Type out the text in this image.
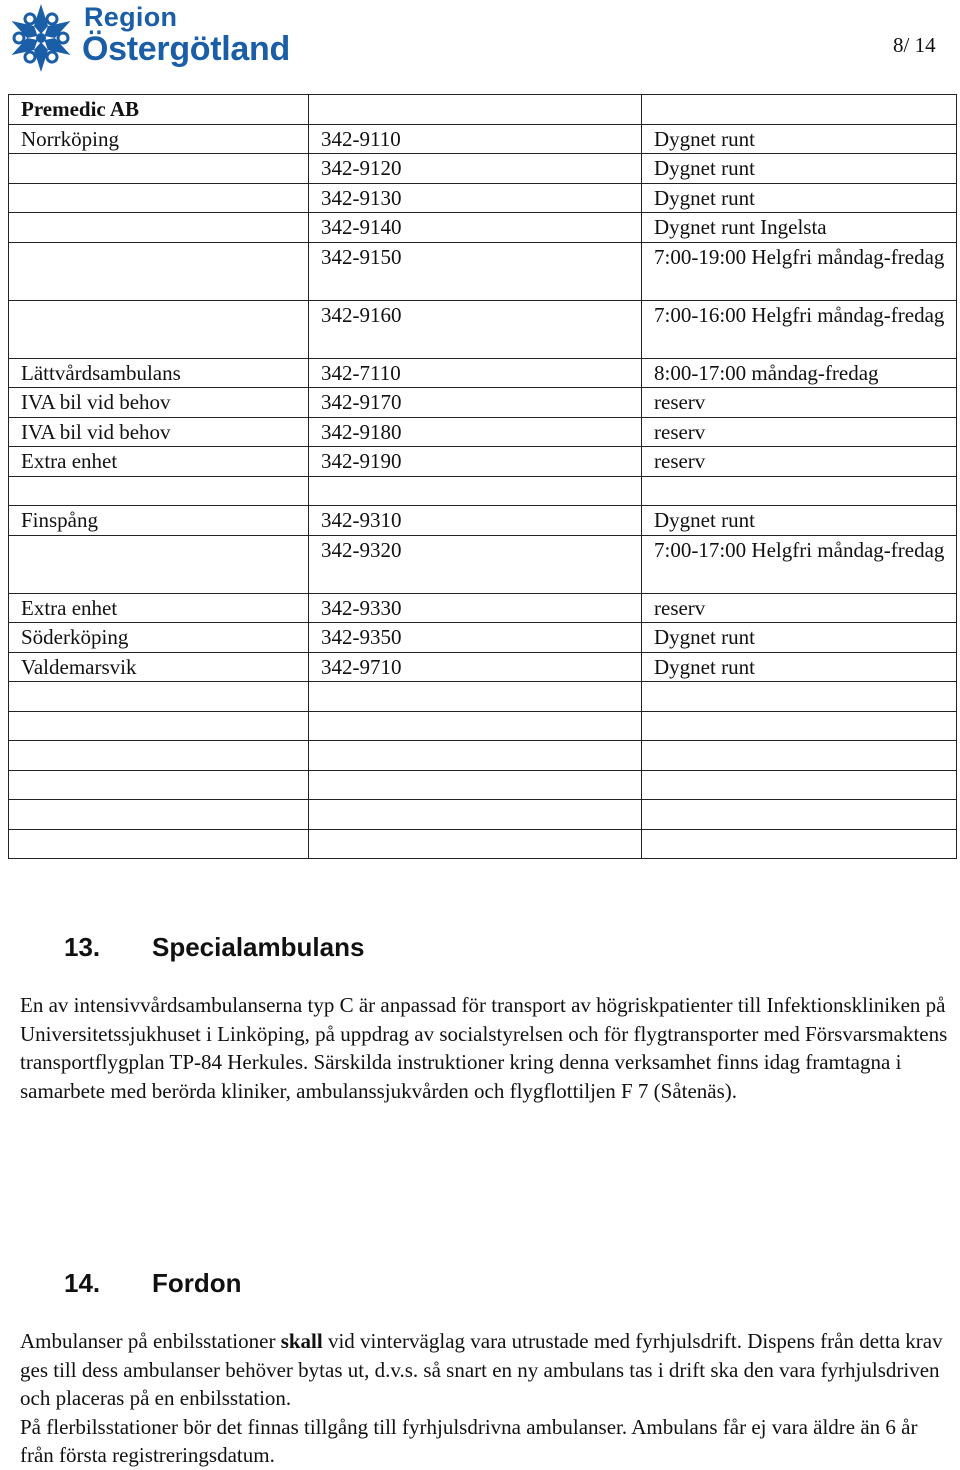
Region
Östergötland	8/ 14
Premedic AB		
Norrköping	342-9110	Dygnet runt
	342-9120	Dygnet runt
	342-9130	Dygnet runt
	342-9140	Dygnet runt Ingelsta
	342-9150	7:00-19:00 Helgfri måndag-fredag
	342-9160	7:00-16:00 Helgfri måndag-fredag
Lättvårdsambulans	342-7110	8:00-17:00 måndag-fredag
IVA bil vid behov	342-9170	reserv
IVA bil vid behov	342-9180	reserv
Extra enhet	342-9190	reserv

Finspång	342-9310	Dygnet runt
	342-9320	7:00-17:00 Helgfri måndag-fredag
Extra enhet	342-9330	reserv
Söderköping	342-9350	Dygnet runt
Valdemarsvik	342-9710	Dygnet runt

13. Specialambulans
En av intensivvårdsambulanserna typ C är anpassad för transport av högriskpatienter till Infektionskliniken på Universitetssjukhuset i Linköping, på uppdrag av socialstyrelsen och för flygtransporter med Försvarsmaktens transportflygplan TP-84 Herkules. Särskilda instruktioner kring denna verksamhet finns idag framtagna i samarbete med berörda kliniker, ambulanssjukvården och flygflottiljen F 7 (Såtenäs).
14. Fordon
Ambulanser på enbilsstationer skall vid vinterväglag vara utrustade med fyrhjulsdrift. Dispens från detta krav ges till dess ambulanser behöver bytas ut, d.v.s. så snart en ny ambulans tas i drift ska den vara fyrhjulsdriven och placeras på en enbilsstation.
På flerbilsstationer bör det finnas tillgång till fyrhjulsdrivna ambulanser. Ambulans får ej vara äldre än 6 år från första registreringsdatum.
